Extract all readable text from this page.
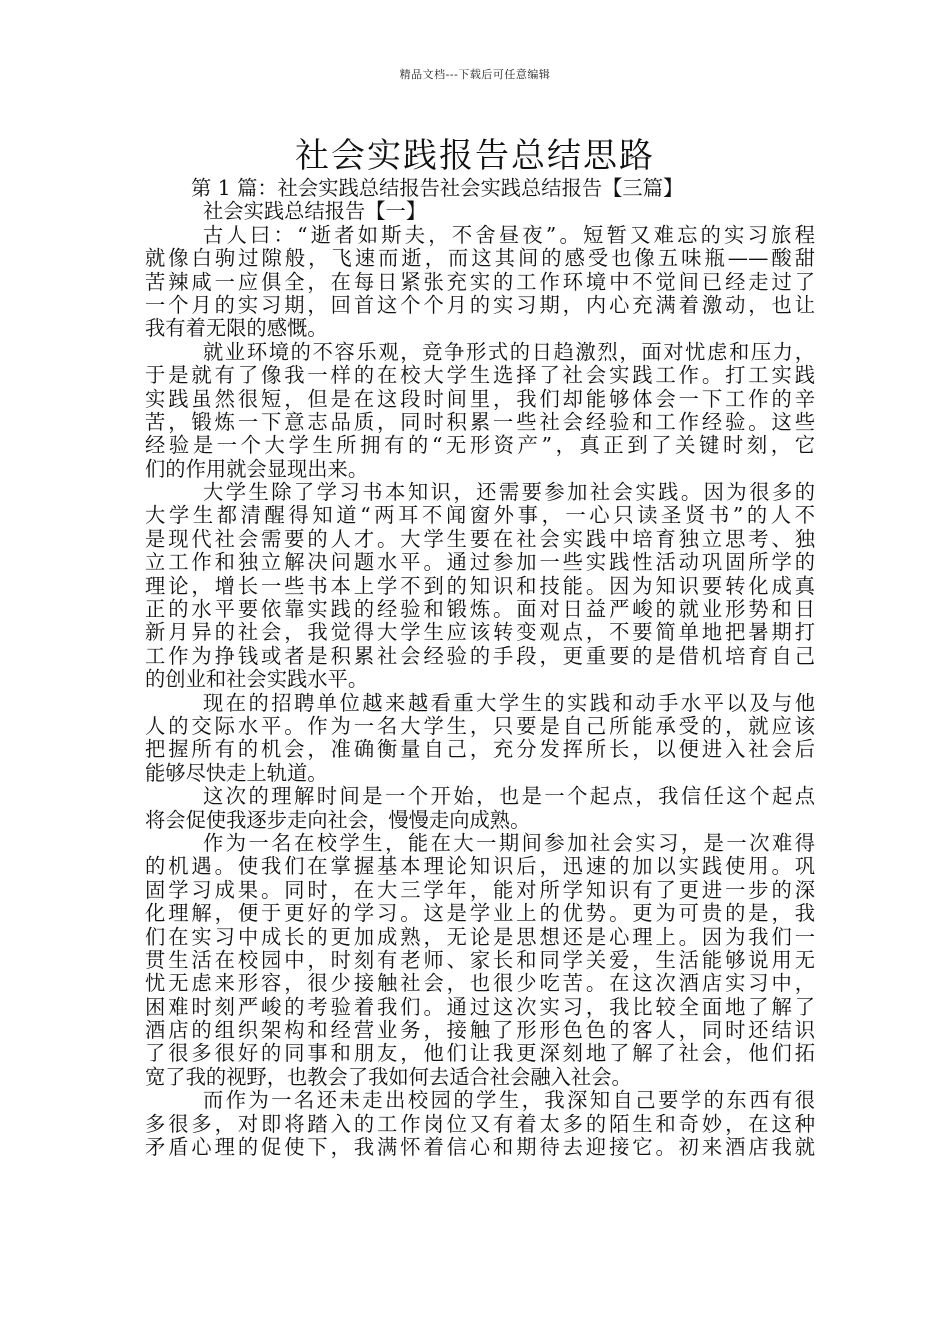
精品文档---下载后可任意编辑
社会实践报告总结思路
第 1 篇：社会实践总结报告社会实践总结报告【三篇】
社会实践总结报告【一】
古人曰：“逝者如斯夫，不舍昼夜”。短暂又难忘的实习旅程
就像白驹过隙般，飞速而逝，而这其间的感受也像五味瓶——酸甜
苦辣咸一应俱全，在每日紧张充实的工作环境中不觉间已经走过了
一个月的实习期，回首这个个月的实习期，内心充满着激动，也让
我有着无限的感慨。
就业环境的不容乐观，竞争形式的日趋激烈，面对忧虑和压力，
于是就有了像我一样的在校大学生选择了社会实践工作。打工实践
实践虽然很短，但是在这段时间里，我们却能够体会一下工作的辛
苦，锻炼一下意志品质，同时积累一些社会经验和工作经验。这些
经验是一个大学生所拥有的“无形资产”，真正到了关键时刻，它
们的作用就会显现出来。
大学生除了学习书本知识，还需要参加社会实践。因为很多的
大学生都清醒得知道“两耳不闻窗外事，一心只读圣贤书”的人不
是现代社会需要的人才。大学生要在社会实践中培育独立思考、独
立工作和独立解决问题水平。通过参加一些实践性活动巩固所学的
理论，增长一些书本上学不到的知识和技能。因为知识要转化成真
正的水平要依靠实践的经验和锻炼。面对日益严峻的就业形势和日
新月异的社会，我觉得大学生应该转变观点，不要简单地把暑期打
工作为挣钱或者是积累社会经验的手段，更重要的是借机培育自己
的创业和社会实践水平。
现在的招聘单位越来越看重大学生的实践和动手水平以及与他
人的交际水平。作为一名大学生，只要是自己所能承受的，就应该
把握所有的机会，准确衡量自己，充分发挥所长，以便进入社会后
能够尽快走上轨道。
这次的理解时间是一个开始，也是一个起点，我信任这个起点
将会促使我逐步走向社会，慢慢走向成熟。
作为一名在校学生，能在大一期间参加社会实习，是一次难得
的机遇。使我们在掌握基本理论知识后，迅速的加以实践使用。巩
固学习成果。同时，在大三学年，能对所学知识有了更进一步的深
化理解，便于更好的学习。这是学业上的优势。更为可贵的是，我
们在实习中成长的更加成熟，无论是思想还是心理上。因为我们一
贯生活在校园中，时刻有老师、家长和同学关爱，生活能够说用无
忧无虑来形容，很少接触社会，也很少吃苦。在这次酒店实习中，
困难时刻严峻的考验着我们。通过这次实习，我比较全面地了解了
酒店的组织架构和经营业务，接触了形形色色的客人，同时还结识
了很多很好的同事和朋友，他们让我更深刻地了解了社会，他们拓
宽了我的视野，也教会了我如何去适合社会融入社会。
而作为一名还未走出校园的学生，我深知自己要学的东西有很
多很多，对即将踏入的工作岗位又有着太多的陌生和奇妙，在这种
矛盾心理的促使下，我满怀着信心和期待去迎接它。初来酒店我就
